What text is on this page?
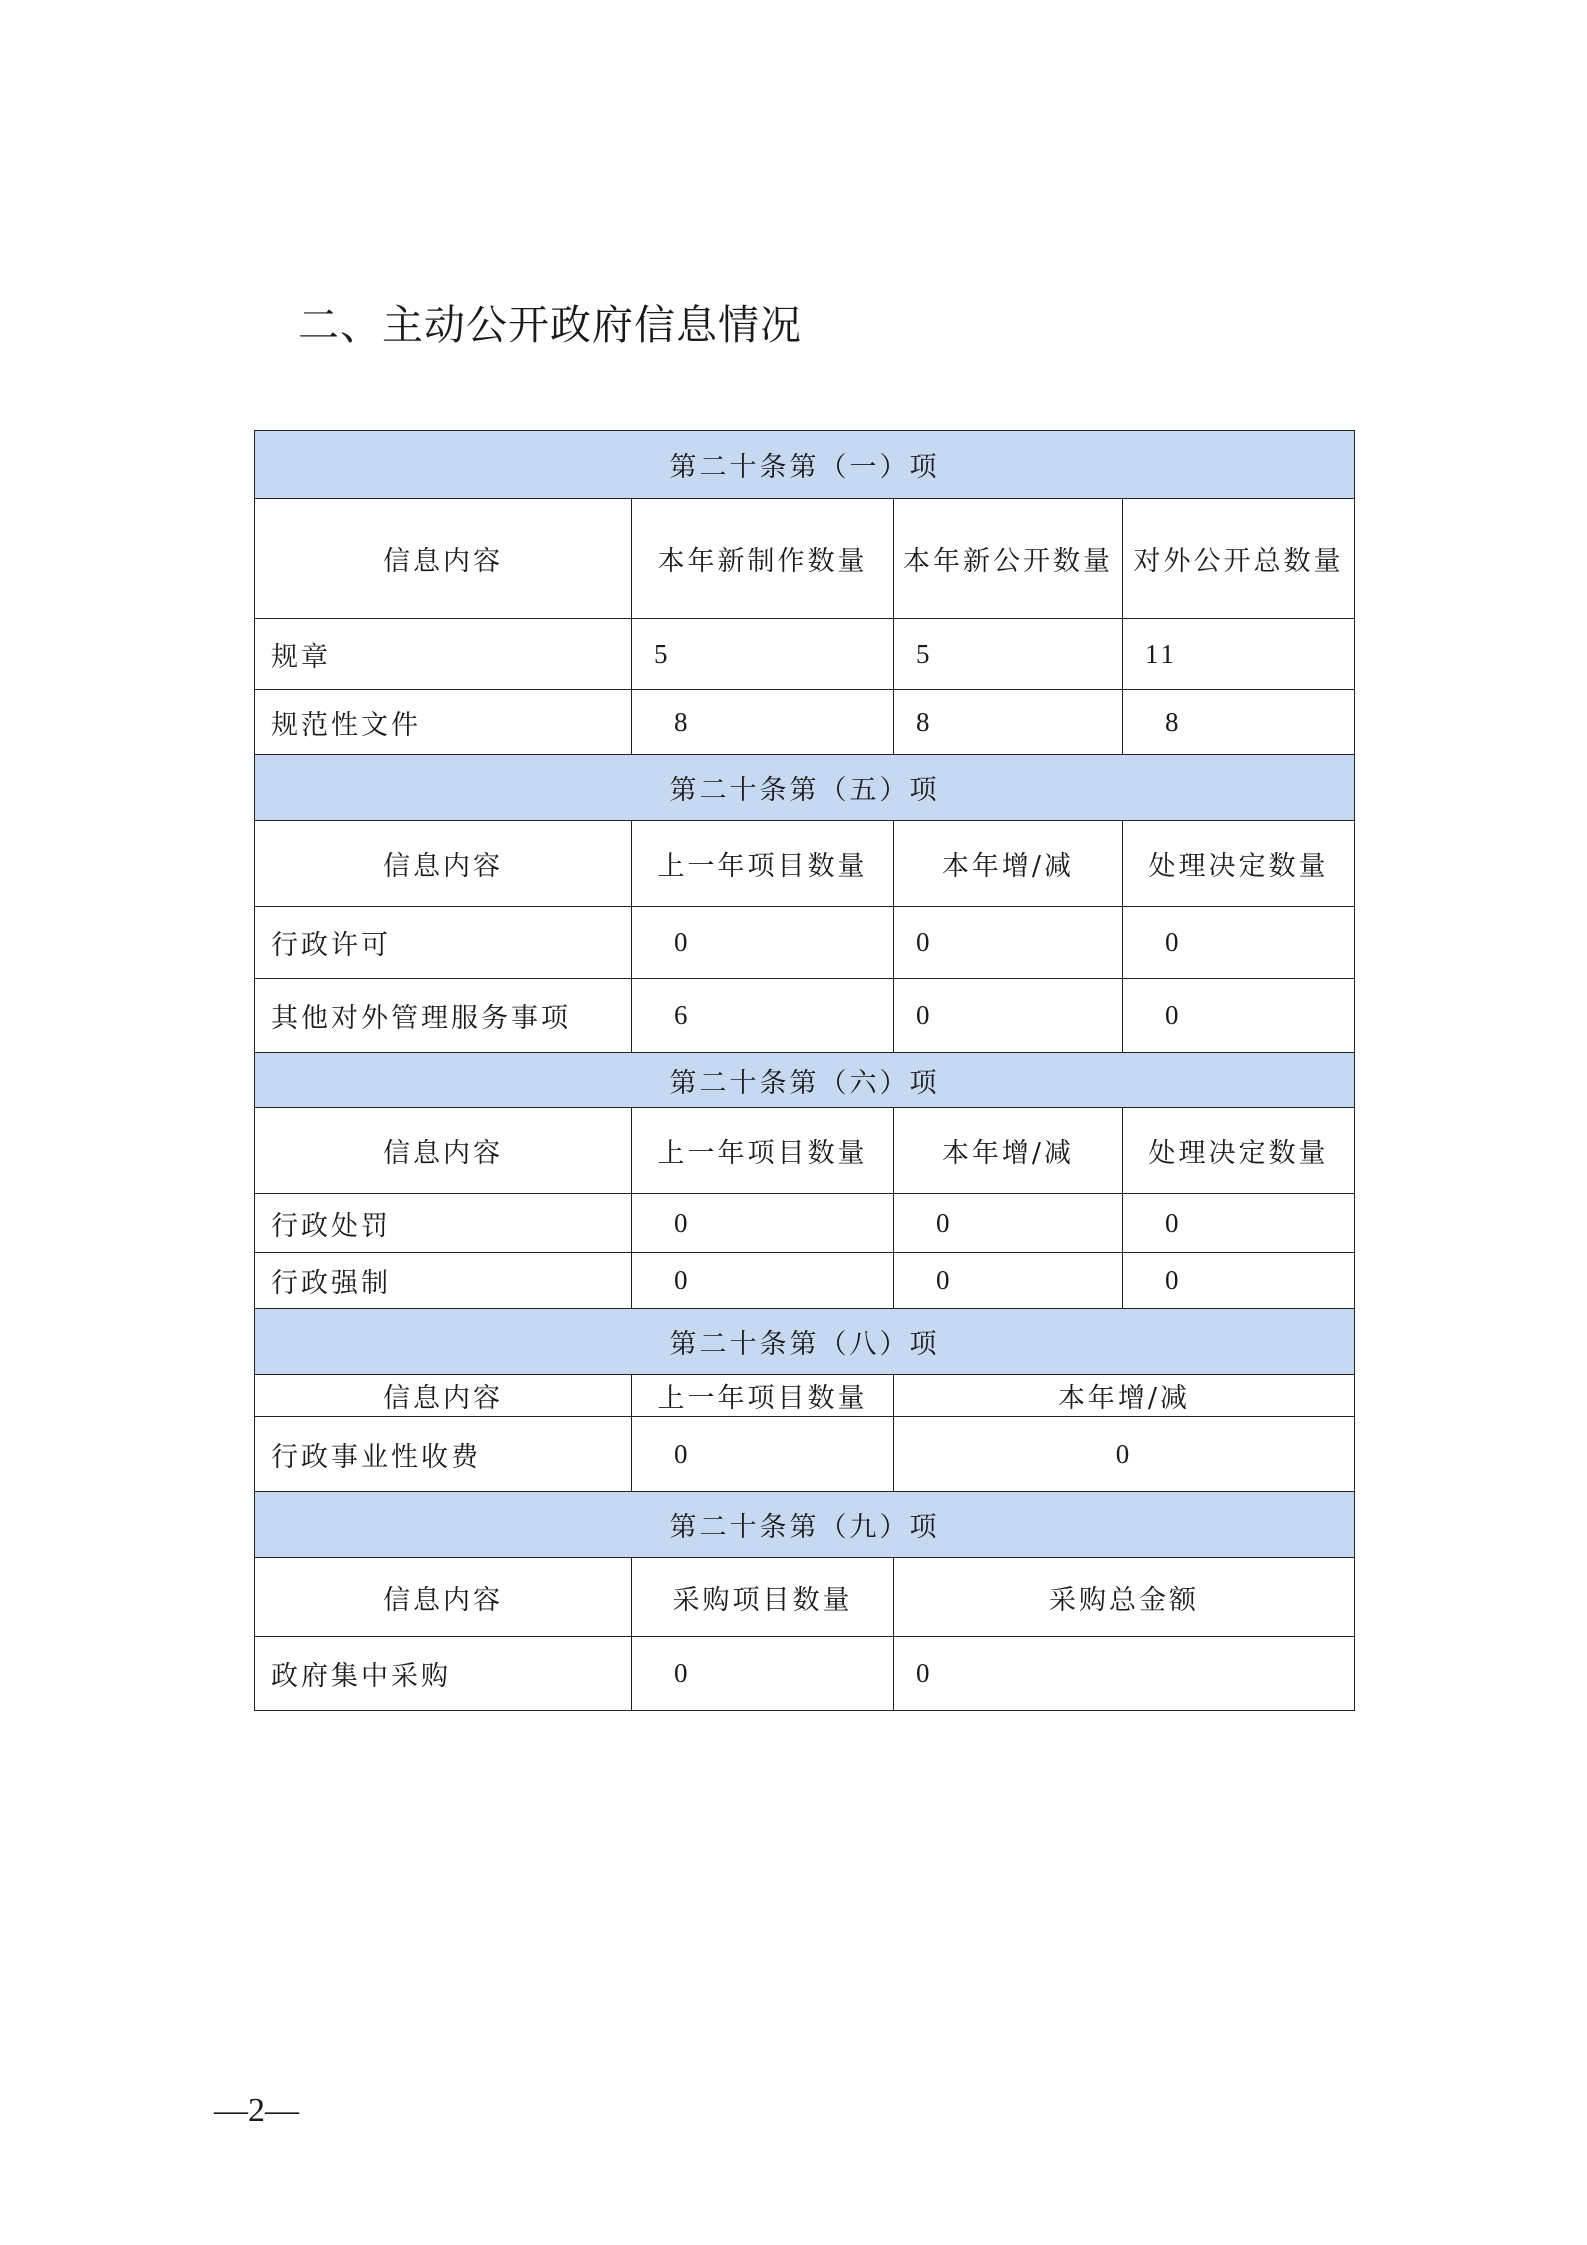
二、主动公开政府信息情况
第二十条第（一）项			
信息内容	本年新制作数量	本年新公开数量	对外公开总数量
规章	5	5	11
规范性文件	8	8	8
第二十条第（五）项			
信息内容	上一年项目数量	本年增/减	处理决定数量
行政许可	0	0	0
其他对外管理服务事项	6	0	0
第二十条第（六）项			
信息内容	上一年项目数量	本年增/减	处理决定数量
行政处罚	0	0	0
行政强制	0	0	0
第二十条第（八）项			
信息内容	上一年项目数量	本年增/减	
行政事业性收费	0	0	
第二十条第（九）项			
信息内容	采购项目数量	采购总金额	
政府集中采购	0	0	
—2—
